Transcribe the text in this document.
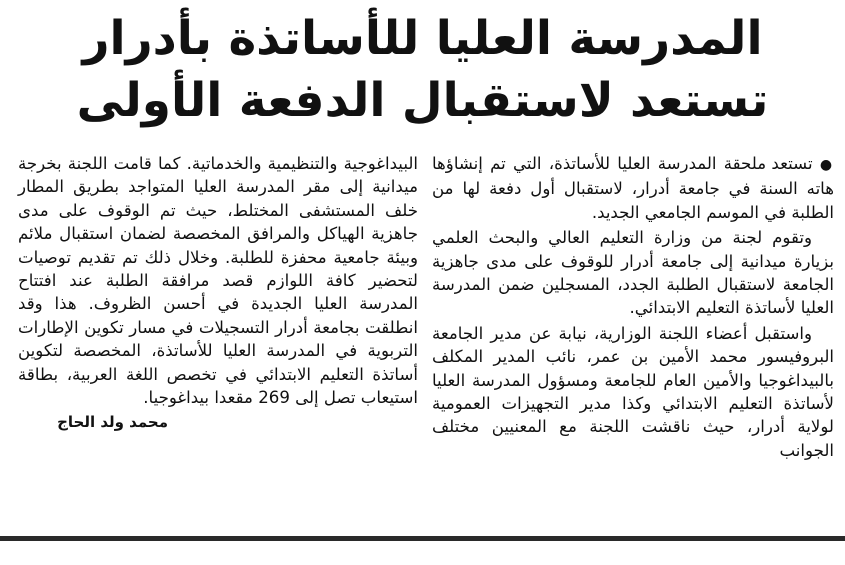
المدرسة العليا للأساتذة بأدرار
تستعد لاستقبال الدفعة الأولى

● تستعد ملحقة المدرسة العليا للأساتذة، التي تم إنشاؤها هاته السنة في جامعة أدرار، لاستقبال أول دفعة لها من الطلبة في الموسم الجامعي الجديد.

وتقوم لجنة من وزارة التعليم العالي والبحث العلمي بزيارة ميدانية إلى جامعة أدرار للوقوف على مدى جاهزية الجامعة لاستقبال الطلبة الجدد، المسجلين ضمن المدرسة العليا لأساتذة التعليم الابتدائي.

واستقبل أعضاء اللجنة الوزارية، نيابة عن مدير الجامعة البروفيسور محمد الأمين بن عمر، نائب المدير المكلف بالبيداغوجيا والأمين العام للجامعة ومسؤول المدرسة العليا لأساتذة التعليم الابتدائي وكذا مدير التجهيزات العمومية لولاية أدرار، حيث ناقشت اللجنة مع المعنيين مختلف الجوانب

البيداغوجية والتنظيمية والخدماتية. كما قامت اللجنة بخرجة ميدانية إلى مقر المدرسة العليا المتواجد بطريق المطار خلف المستشفى المختلط، حيث تم الوقوف على مدى جاهزية الهياكل والمرافق المخصصة لضمان استقبال ملائم وبيئة جامعية محفزة للطلبة. وخلال ذلك تم تقديم توصيات لتحضير كافة اللوازم قصد مرافقة الطلبة عند افتتاح المدرسة العليا الجديدة في أحسن الظروف. هذا وقد انطلقت بجامعة أدرار التسجيلات في مسار تكوين الإطارات التربوية في المدرسة العليا للأساتذة، المخصصة لتكوين أساتذة التعليم الابتدائي في تخصص اللغة العربية، بطاقة استيعاب تصل إلى 269 مقعدا بيداغوجيا.

محمد ولد الحاج
